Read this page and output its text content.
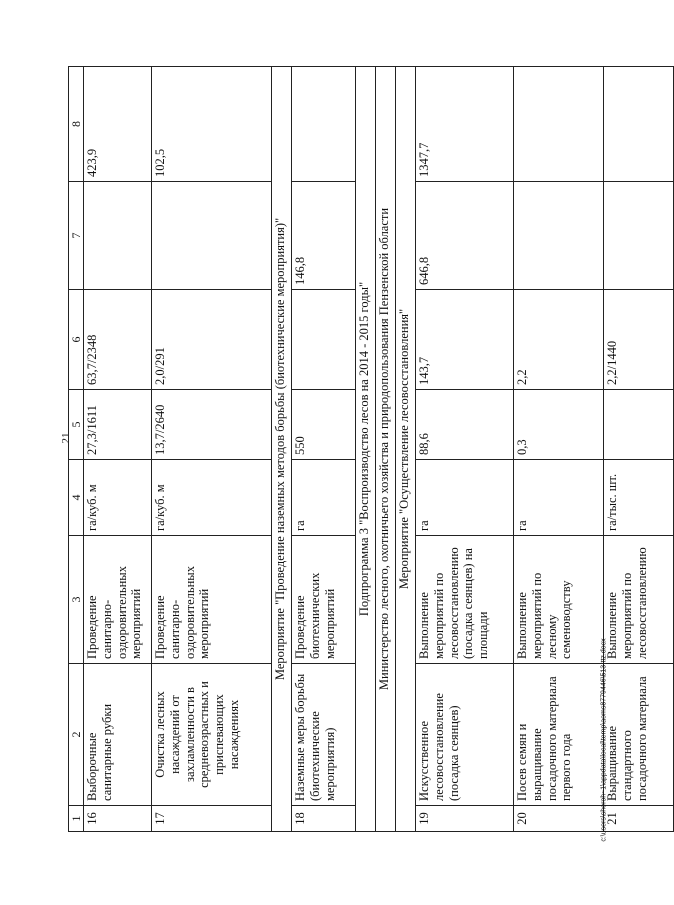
21
1	2	3	4	5	6	7	8
16	Выборочные санитарные рубки	Проведение санитарно-оздоровительных мероприятий	га/куб. м	27,3/1611	63,7/2348		423,9
17	Очистка лесных насаждений от захламленности в средневозрастных и приспевающих насаждениях	Проведение санитарно-оздоровительных мероприятий	га/куб. м	13,7/2640	2,0/291		102,5
Мероприятие "Проведение наземных методов борьбы (биотехнические мероприятия)"							
18	Наземные меры борьбы (биотехнические мероприятия)	Проведение биотехнических мероприятий	га	550		146,8	
Подпрограмма 3 "Воспроизводство лесов на 2014 - 2015 годы"							
Министерство лесного, охотничьего хозяйства и природопользования Пензенской области							
Мероприятие "Осуществление лесовосстановления"							
19	Искусственное лесовосстановление (посадка сеянцев)	Выполнение мероприятий по лесовосстановлению (посадка сеянцев) на площади	га	88,6	143,7	646,8	1347,7
20	Посев семян и выращивание посадочного материала первого года	Выполнение мероприятий по лесному семеноводству	га	0,3	2,2		
21	Выращивание стандартного посадочного материала	Выполнение мероприятий по лесовосстановлению	га/тыс. шт.		2,2/1440		
c:\users\sheroh~1\appdata\local\temp\aoms8779446\513-ttz.docx
